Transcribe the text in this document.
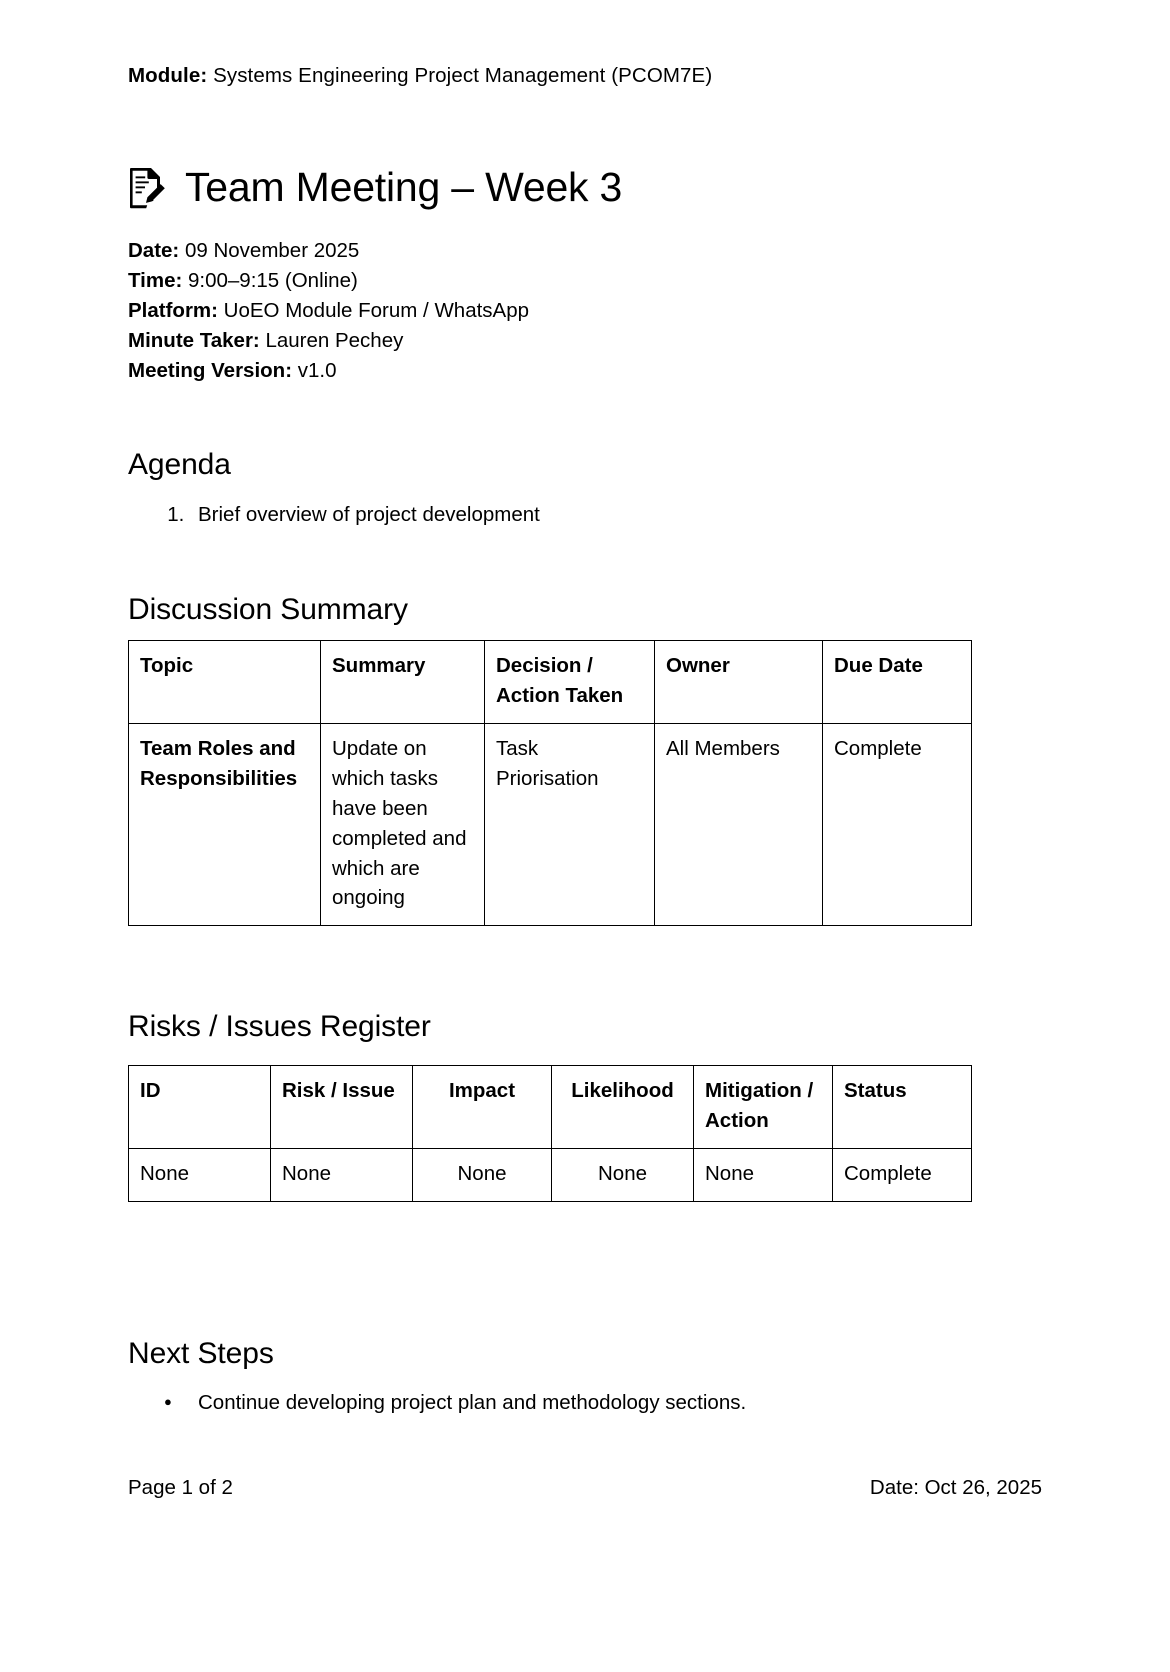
Module: Systems Engineering Project Management (PCOM7E)

Team Meeting – Week 3
Date: 09 November 2025
Time: 9:00–9:15 (Online)
Platform: UoEO Module Forum / WhatsApp
Minute Taker: Lauren Pechey
Meeting Version: v1.0
Agenda
1. Brief overview of project development
Discussion Summary
Topic	Summary	Decision / Action Taken	Owner	Due Date
Team Roles and Responsibilities	Update on which tasks have been completed and which are ongoing	Task Priorisation	All Members	Complete
Risks / Issues Register
ID	Risk / Issue	Impact	Likelihood	Mitigation / Action	Status
None	None	None	None	None	Complete
Next Steps
● Continue developing project plan and methodology sections.
Page 1 of 2	Date: Oct 26, 2025
